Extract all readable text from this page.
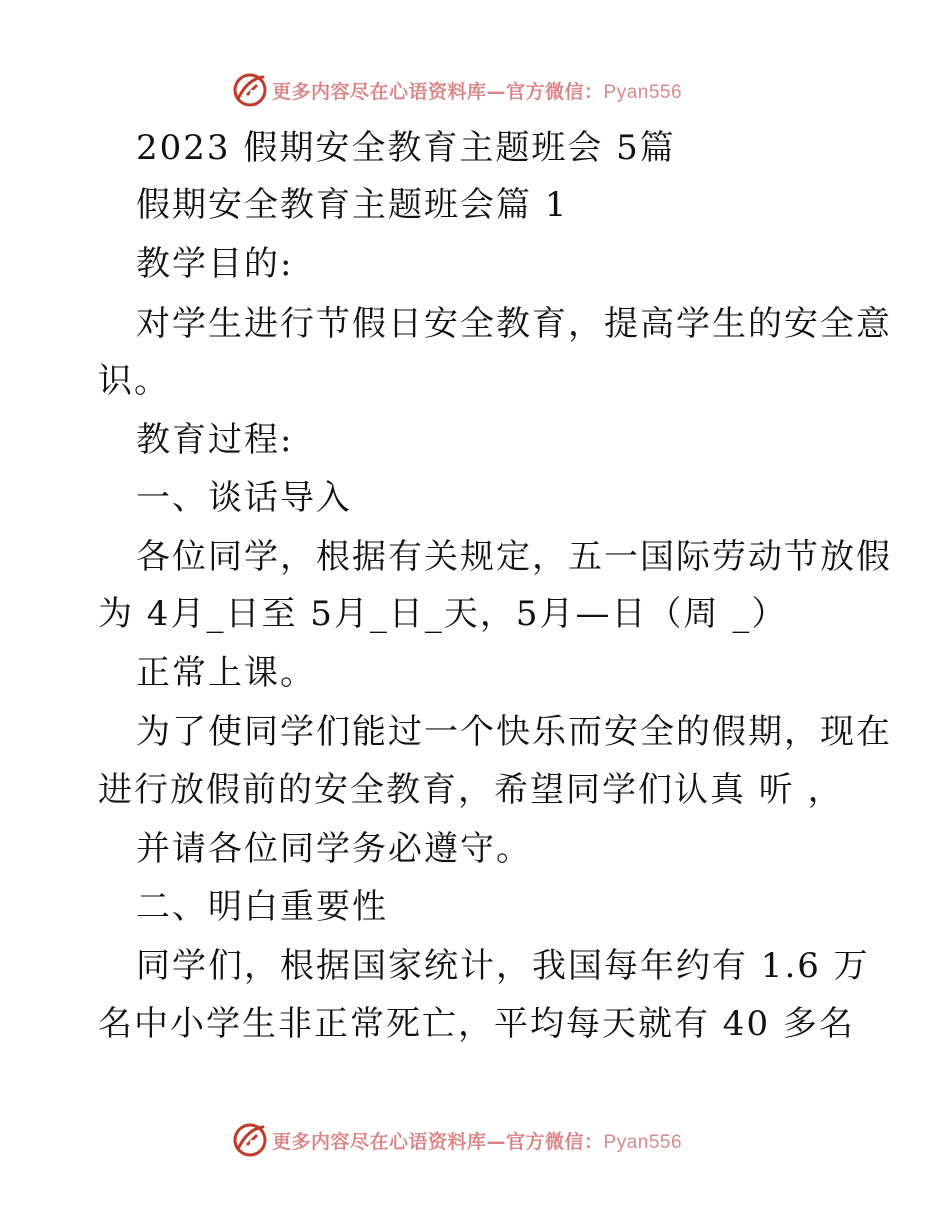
更多内容尽在心语资料库—官方微信：Pyan556
2023 假期安全教育主题班会 5篇
假期安全教育主题班会篇 1
教学目的:
对学生进行节假日安全教育，提高学生的安全意
识。
教育过程:
一、谈话导入
各位同学，根据有关规定，五一国际劳动节放假
为 4月_日至 5月_日_天，5月—日（周 _）
正常上课。
为了使同学们能过一个快乐而安全的假期，现在
进行放假前的安全教育，希望同学们认真 听 ，
并请各位同学务必遵守。
二、明白重要性
同学们，根据国家统计，我国每年约有 1.6 万
名中小学生非正常死亡，平均每天就有 40 多名
更多内容尽在心语资料库—官方微信：Pyan556
